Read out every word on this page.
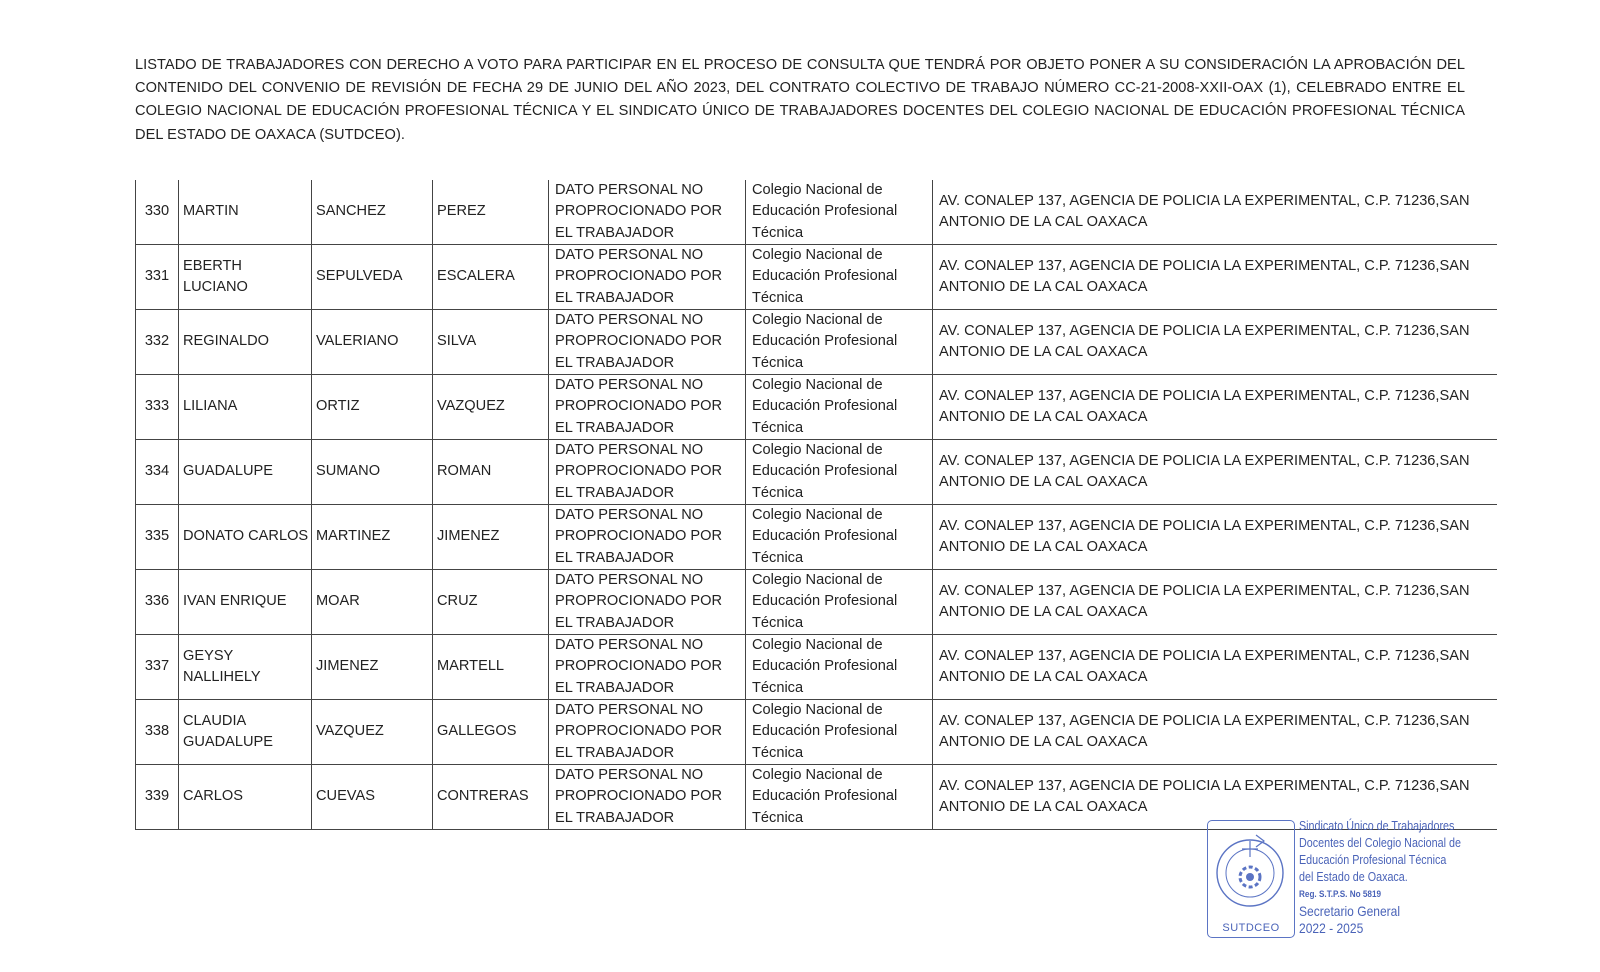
LISTADO DE TRABAJADORES CON DERECHO A VOTO PARA PARTICIPAR EN EL PROCESO DE CONSULTA QUE TENDRÁ POR OBJETO PONER A SU CONSIDERACIÓN LA APROBACIÓN DEL CONTENIDO DEL CONVENIO DE REVISIÓN DE FECHA 29 DE JUNIO DEL AÑO 2023, DEL CONTRATO COLECTIVO DE TRABAJO NÚMERO CC-21-2008-XXII-OAX (1), CELEBRADO ENTRE EL COLEGIO NACIONAL DE EDUCACIÓN PROFESIONAL TÉCNICA Y EL SINDICATO ÚNICO DE TRABAJADORES DOCENTES DEL COLEGIO NACIONAL DE EDUCACIÓN PROFESIONAL TÉCNICA DEL ESTADO DE OAXACA (SUTDCEO).

330	MARTIN	SANCHEZ	PEREZ	DATO PERSONAL NO PROPROCIONADO POR EL TRABAJADOR	Colegio Nacional de Educación Profesional Técnica	AV. CONALEP 137, AGENCIA DE POLICIA LA EXPERIMENTAL, C.P. 71236,SAN ANTONIO DE LA CAL OAXACA
331	EBERTH LUCIANO	SEPULVEDA	ESCALERA	DATO PERSONAL NO PROPROCIONADO POR EL TRABAJADOR	Colegio Nacional de Educación Profesional Técnica	AV. CONALEP 137, AGENCIA DE POLICIA LA EXPERIMENTAL, C.P. 71236,SAN ANTONIO DE LA CAL OAXACA
332	REGINALDO	VALERIANO	SILVA	DATO PERSONAL NO PROPROCIONADO POR EL TRABAJADOR	Colegio Nacional de Educación Profesional Técnica	AV. CONALEP 137, AGENCIA DE POLICIA LA EXPERIMENTAL, C.P. 71236,SAN ANTONIO DE LA CAL OAXACA
333	LILIANA	ORTIZ	VAZQUEZ	DATO PERSONAL NO PROPROCIONADO POR EL TRABAJADOR	Colegio Nacional de Educación Profesional Técnica	AV. CONALEP 137, AGENCIA DE POLICIA LA EXPERIMENTAL, C.P. 71236,SAN ANTONIO DE LA CAL OAXACA
334	GUADALUPE	SUMANO	ROMAN	DATO PERSONAL NO PROPROCIONADO POR EL TRABAJADOR	Colegio Nacional de Educación Profesional Técnica	AV. CONALEP 137, AGENCIA DE POLICIA LA EXPERIMENTAL, C.P. 71236,SAN ANTONIO DE LA CAL OAXACA
335	DONATO CARLOS	MARTINEZ	JIMENEZ	DATO PERSONAL NO PROPROCIONADO POR EL TRABAJADOR	Colegio Nacional de Educación Profesional Técnica	AV. CONALEP 137, AGENCIA DE POLICIA LA EXPERIMENTAL, C.P. 71236,SAN ANTONIO DE LA CAL OAXACA
336	IVAN ENRIQUE	MOAR	CRUZ	DATO PERSONAL NO PROPROCIONADO POR EL TRABAJADOR	Colegio Nacional de Educación Profesional Técnica	AV. CONALEP 137, AGENCIA DE POLICIA LA EXPERIMENTAL, C.P. 71236,SAN ANTONIO DE LA CAL OAXACA
337	GEYSY NALLIHELY	JIMENEZ	MARTELL	DATO PERSONAL NO PROPROCIONADO POR EL TRABAJADOR	Colegio Nacional de Educación Profesional Técnica	AV. CONALEP 137, AGENCIA DE POLICIA LA EXPERIMENTAL, C.P. 71236,SAN ANTONIO DE LA CAL OAXACA
338	CLAUDIA GUADALUPE	VAZQUEZ	GALLEGOS	DATO PERSONAL NO PROPROCIONADO POR EL TRABAJADOR	Colegio Nacional de Educación Profesional Técnica	AV. CONALEP 137, AGENCIA DE POLICIA LA EXPERIMENTAL, C.P. 71236,SAN ANTONIO DE LA CAL OAXACA
339	CARLOS	CUEVAS	CONTRERAS	DATO PERSONAL NO PROPROCIONADO POR EL TRABAJADOR	Colegio Nacional de Educación Profesional Técnica	AV. CONALEP 137, AGENCIA DE POLICIA LA EXPERIMENTAL, C.P. 71236,SAN ANTONIO DE LA CAL OAXACA
SUTDCEO
Sindicato Único de Trabajadores
Docentes del Colegio Nacional de
Educación Profesional Técnica
del Estado de Oaxaca.
Reg. S.T.P.S. No 5819
Secretario General
2022 - 2025
